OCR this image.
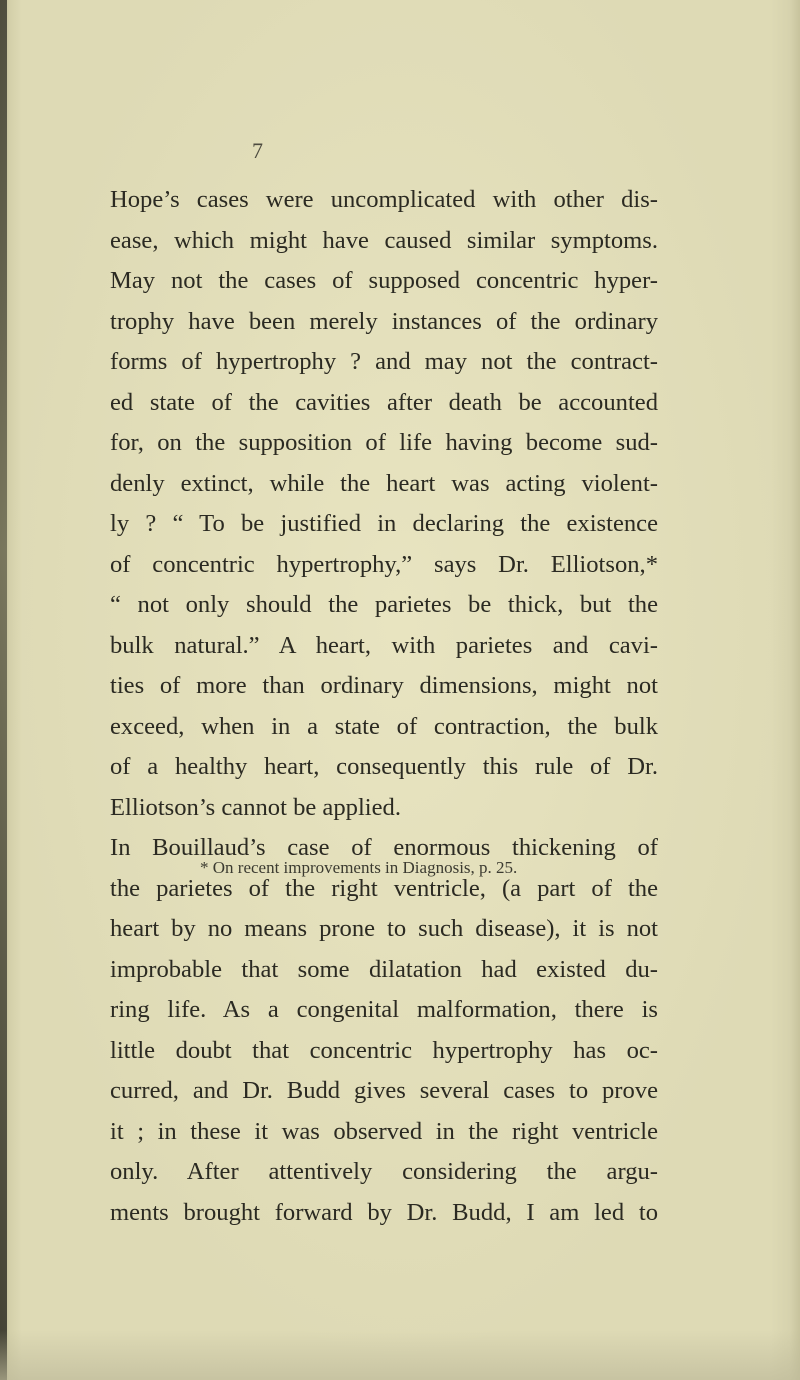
7
Hope’s cases were uncomplicated with other dis-
ease, which might have caused similar symptoms.
May not the cases of supposed concentric hyper-
trophy have been merely instances of the ordinary
forms of hypertrophy ? and may not the contract-
ed state of the cavities after death be accounted
for, on the supposition of life having become sud-
denly extinct, while the heart was acting violent-
ly ? “ To be justified in declaring the existence
of concentric hypertrophy,” says Dr. Elliotson,*
“ not only should the parietes be thick, but the
bulk natural.” A heart, with parietes and cavi-
ties of more than ordinary dimensions, might not
exceed, when in a state of contraction, the bulk
of a healthy heart, consequently this rule of Dr.
Elliotson’s cannot be applied.
In Bouillaud’s case of enormous thickening of
the parietes of the right ventricle, (a part of the
heart by no means prone to such disease), it is not
improbable that some dilatation had existed du-
ring life. As a congenital malformation, there is
little doubt that concentric hypertrophy has oc-
curred, and Dr. Budd gives several cases to prove
it ; in these it was observed in the right ventricle
only. After attentively considering the argu-
ments brought forward by Dr. Budd, I am led to
* On recent improvements in Diagnosis, p. 25.
